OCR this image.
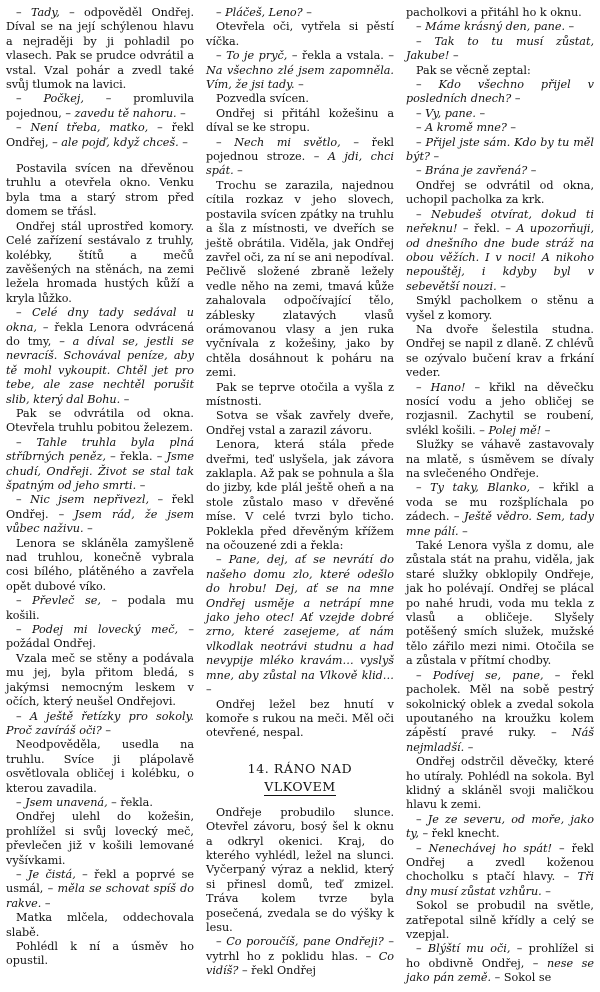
– Tady, – odpověděl Ondřej. Díval se na její schýlenou hlavu a nejraději by ji pohladil po vlasech. Pak se prudce odvrátil a vstal. Vzal pohár a zvedl také svůj tlumok na lavici.

– Počkej, – promluvila pojednou, – zavedu tě nahoru. –

– Není třeba, matko, – řekl Ondřej, – ale pojď, když chceš. –

Postavila svícen na dřevěnou truhlu a otevřela okno. Venku byla tma a starý strom před domem se třásl.

Ondřej stál uprostřed komory. Celé zařízení sestávalo z truhly, kolébky, štítů a mečů zavěšených na stěnách, na zemi ležela hromada hustých kůží a kryla lůžko.

– Celé dny tady sedával u okna, – řekla Lenora odvrácená do tmy, – a díval se, jestli se nevracíš. Schovával peníze, aby tě mohl vykoupit. Chtěl jet pro tebe, ale zase nechtěl porušit slib, který dal Bohu. –

Pak se odvrátila od okna. Otevřela truhlu pobitou železem.

– Tahle truhla byla plná stříbrných peněz, – řekla. – Jsme chudí, Ondřeji. Život se stal tak špatným od jeho smrti. –

– Nic jsem nepřivezl, – řekl Ondřej. – Jsem rád, že jsem vůbec naživu. –

Lenora se skláněla zamyšleně nad truhlou, konečně vybrala cosi bílého, plátěného a zavřela opět dubové víko.

– Převleč se, – podala mu košili.

– Podej mi lovecký meč, – požádal Ondřej.

Vzala meč se stěny a podávala mu jej, byla přitom bledá, s jakýmsi nemocným leskem v očích, který neušel Ondřejovi.

– A ještě řetízky pro sokoly. Proč zavíráš oči? –

Neodpověděla, usedla na truhlu. Svíce ji plápolavě osvětlovala obličej i kolébku, o kterou zavadila.

– Jsem unavená, – řekla.

Ondřej ulehl do kožešin, prohlížel si svůj lovecký meč, převlečen již v košili lemované vyšívkami.

– Je čistá, – řekl a poprvé se usmál, – měla se schovat spíš do rakve. –

Matka mlčela, oddechovala slabě.

Pohlédl k ní a úsměv ho opustil.

– Pláčeš, Leno? –

Otevřela oči, vytřela si pěstí víčka.

– To je pryč, – řekla a vstala. – Na všechno zlé jsem zapomněla. Vím, že jsi tady. –

Pozvedla svícen.

Ondřej si přitáhl kožešinu a díval se ke stropu.

– Nech mi světlo, – řekl pojednou stroze. – A jdi, chci spát. –

Trochu se zarazila, najednou cítila rozkaz v jeho slovech, postavila svícen zpátky na truhlu a šla z místnosti, ve dveřích se ještě obrátila. Viděla, jak Ondřej zavřel oči, za ní se ani nepodíval. Pečlivě složené zbraně ležely vedle něho na zemi, tmavá kůže zahalovala odpočívající tělo, záblesky zlatavých vlasů orámovanou vlasy a jen ruka vyčnívala z kožešiny, jako by chtěla dosáhnout k poháru na zemi.

Pak se teprve otočila a vyšla z místnosti.

Sotva se však zavřely dveře, Ondřej vstal a zarazil závoru.

Lenora, která stála přede dveřmi, teď uslyšela, jak závora zaklapla. Až pak se pohnula a šla do jizby, kde plál ještě oheň a na stole zůstalo maso v dřevěné míse. V celé tvrzi bylo ticho. Poklekla před dřevěným křížem na očouzené zdi a řekla:

– Pane, dej, ať se nevrátí do našeho domu zlo, které odešlo do hrobu! Dej, ať se na mne Ondřej usměje a netrápí mne jako jeho otec! Ať vzejde dobré zrno, které zasejeme, ať nám vlkodlak neotrávi studnu a had nevypije mléko kravám… vyslyš mne, aby zůstal na Vlkově klid… –

Ondřej ležel bez hnutí v komoře s rukou na meči. Měl oči otevřené, nespal.

14. RÁNO NAD
VLKOVEM

Ondřeje probudilo slunce. Otevřel závoru, bosý šel k oknu a odkryl okenici. Kraj, do kterého vyhlédl, ležel na slunci. Vyčerpaný výraz a neklid, který si přinesl domů, teď zmizel. Tráva kolem tvrze byla posečená, zvedala se do výšky k lesu.

– Co poroučíš, pane Ondřeji? – vytrhl ho z poklidu hlas. – Co vidíš? – řekl Ondřej

pacholkovi a přitáhl ho k oknu.

– Máme krásný den, pane. –

– Tak to tu musí zůstat, Jakube! –

Pak se věcně zeptal:

– Kdo všechno přijel v posledních dnech? –

– Vy, pane. –

– A kromě mne? –

– Přijel jste sám. Kdo by tu měl být? –

– Brána je zavřená? –

Ondřej se odvrátil od okna, uchopil pacholka za krk.

– Nebudeš otvírat, dokud ti neřeknu! – řekl. – A upozorňuji, od dnešního dne bude stráž na obou věžích. I v noci! A nikoho nepouštěj, i kdyby byl v sebevětší nouzi. –

Smýkl pacholkem o stěnu a vyšel z komory.

Na dvoře šelestila studna. Ondřej se napil z dlaně. Z chlévů se ozývalo bučení krav a frkání veder.

– Hano! – křikl na děvečku nosící vodu a jeho obličej se rozjasnil. Zachytil se roubení, svlékl košili. – Polej mě! –

Služky se váhavě zastavovaly na mlatě, s úsměvem se dívaly na svlečeného Ondřeje.

– Ty taky, Blanko, – křikl a voda se mu rozšplíchala po zádech. – Ještě vědro. Sem, tady mne pálí. –

Také Lenora vyšla z domu, ale zůstala stát na prahu, viděla, jak staré služky obklopily Ondřeje, jak ho polévají. Ondřej se plácal po nahé hrudi, voda mu tekla z vlasů a obličeje. Slyšely potěšený smích služek, mužské tělo zářilo mezi nimi. Otočila se a zůstala v přítmí chodby.

– Podívej se, pane, – řekl pacholek. Měl na sobě pestrý sokolnický oblek a zvedal sokola upoutaného na kroužku kolem zápěstí pravé ruky. – Náš nejmladší. –

Ondřej odstrčil děvečky, které ho utíraly. Pohlédl na sokola. Byl klidný a skláněl svoji maličkou hlavu k zemi.

– Je ze severu, od moře, jako ty, – řekl knecht.

– Nenechávej ho spát! – řekl Ondřej a zvedl koženou chocholku s ptačí hlavy. – Tři dny musí zůstat vzhůru. –

Sokol se probudil na světle, zatřepotal silně křídly a celý se vzepjal.

– Blýští mu oči, – prohlížel si ho obdivně Ondřej, – nese se jako pán země. – Sokol se
